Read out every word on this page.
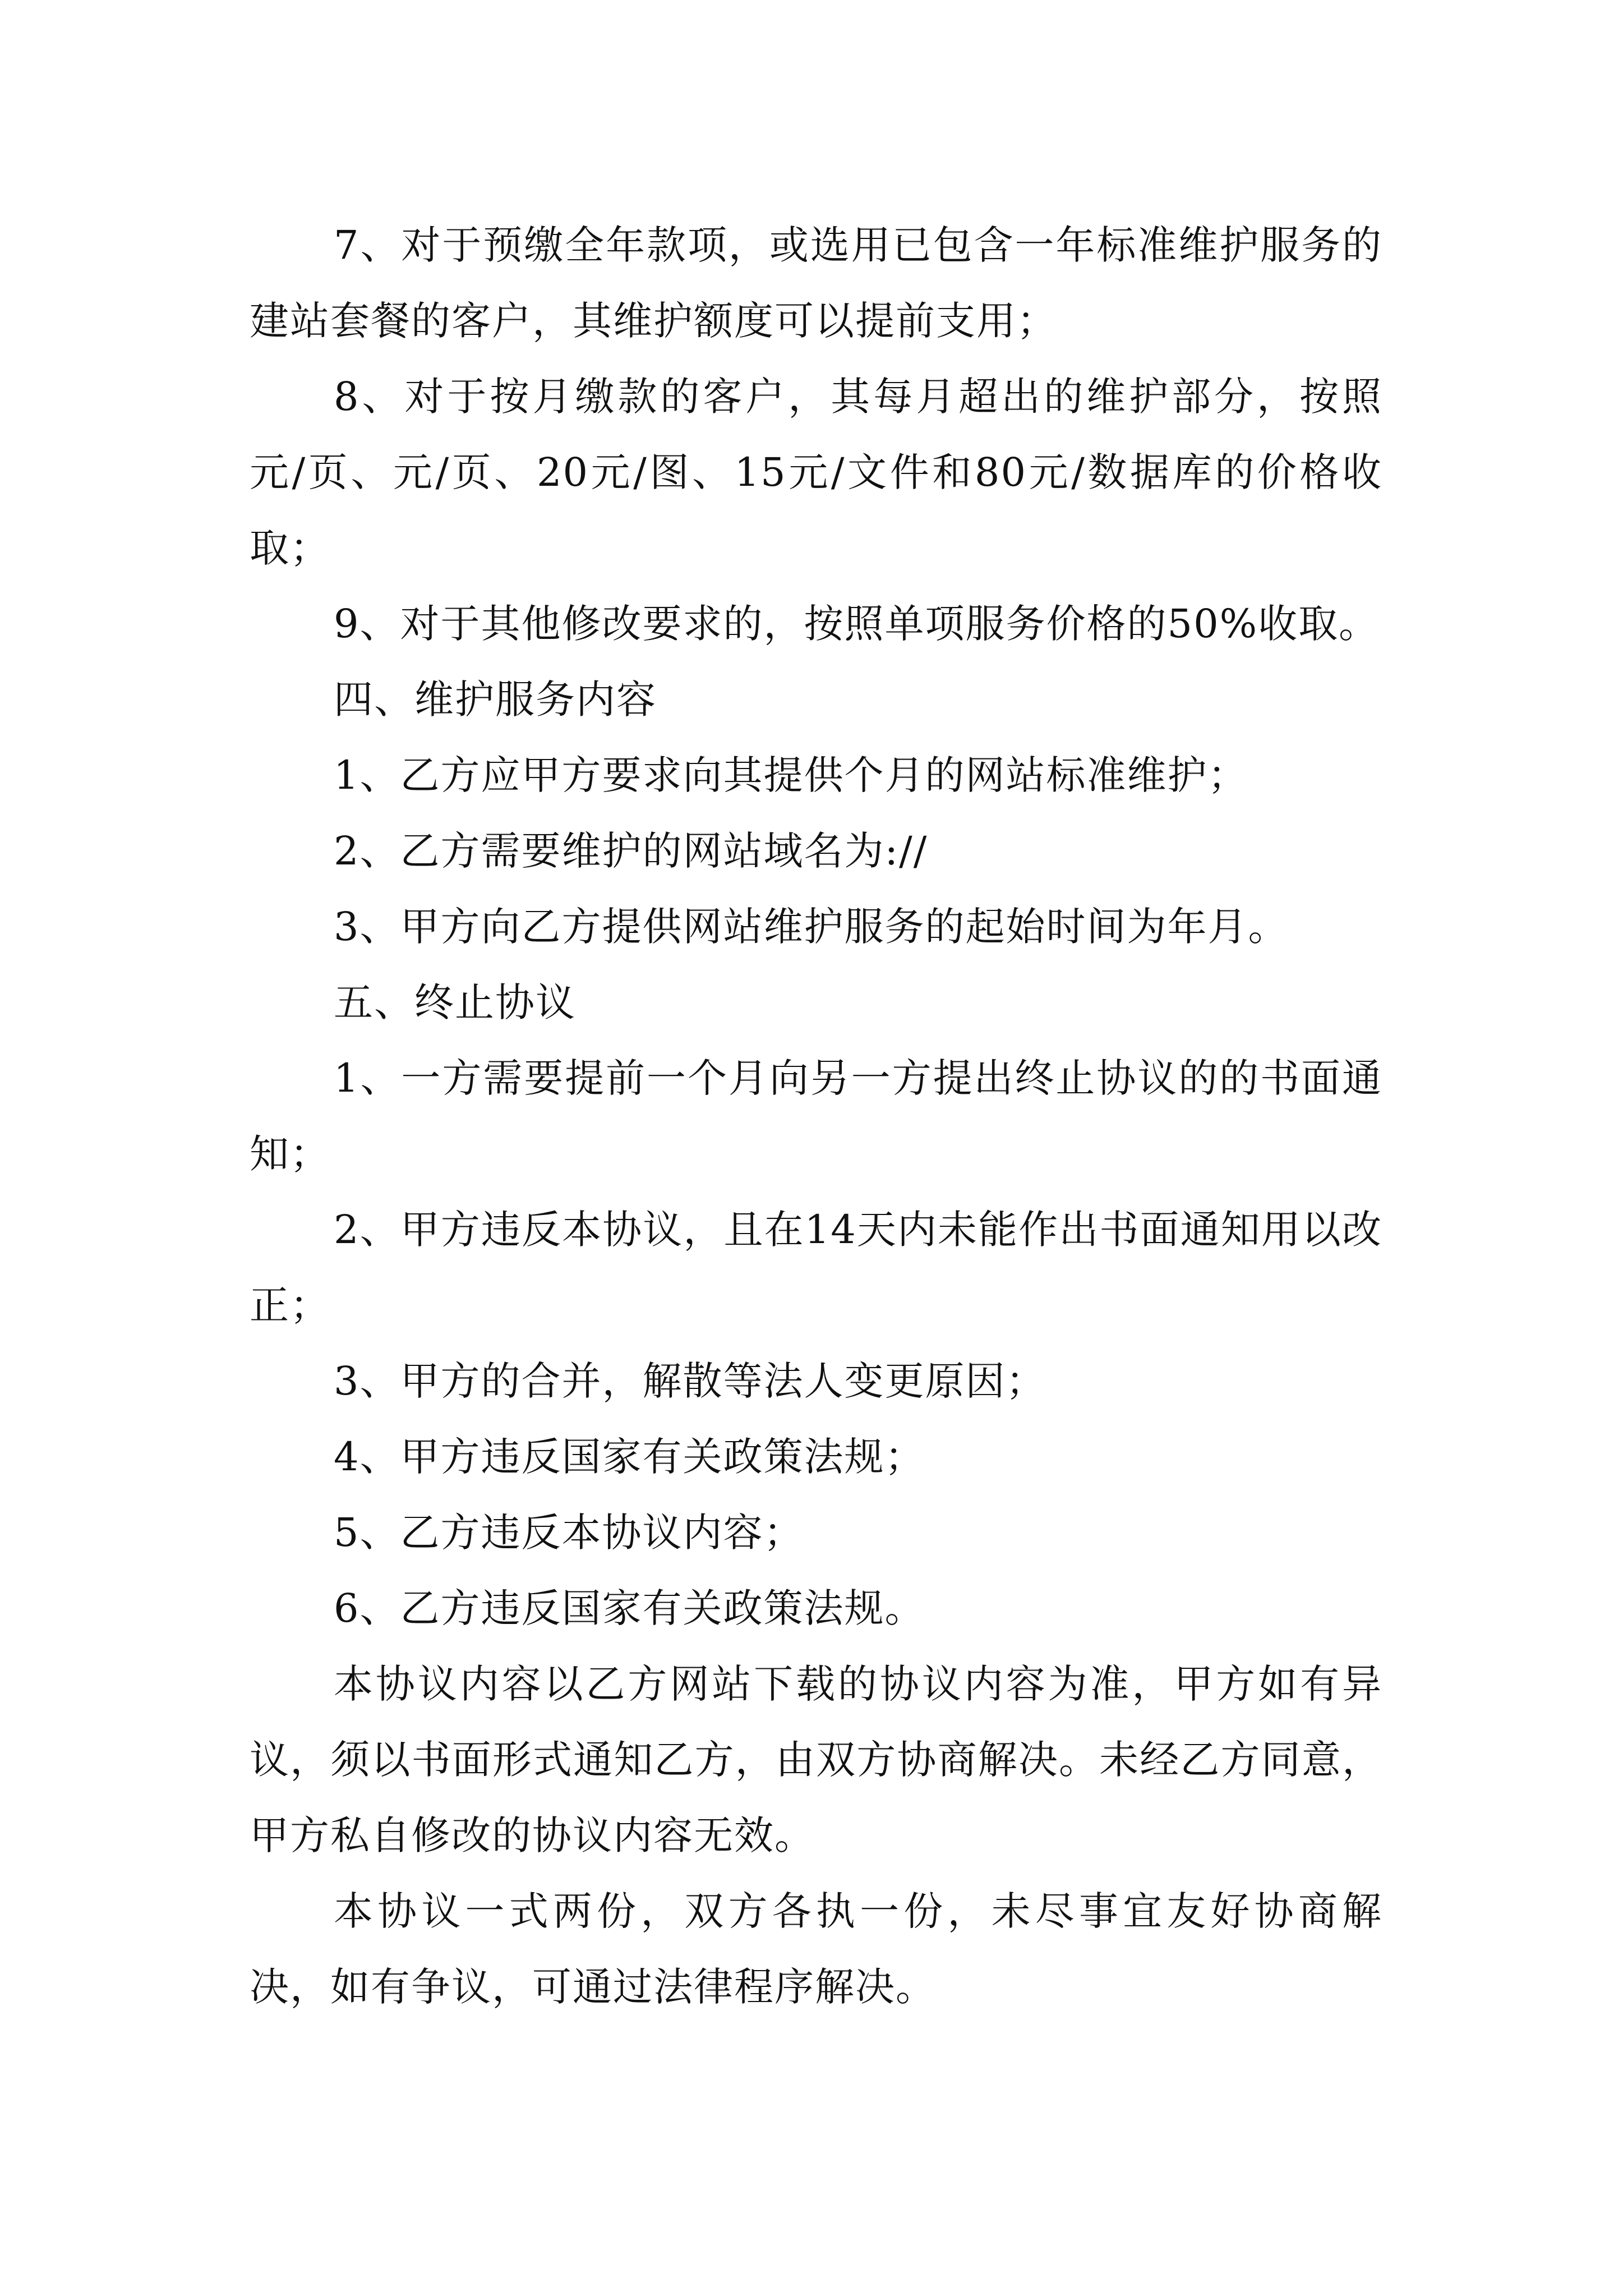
7、对于预缴全年款项，或选用已包含一年标准维护服务的建站套餐的客户，其维护额度可以提前支用；

8、对于按月缴款的客户，其每月超出的维护部分，按照元/页、元/页、20元/图、15元/文件和80元/数据库的价格收取；

9、对于其他修改要求的，按照单项服务价格的50%收取。

四、维护服务内容

1、乙方应甲方要求向其提供个月的网站标准维护；

2、乙方需要维护的网站域名为://

3、甲方向乙方提供网站维护服务的起始时间为年月。

五、终止协议

1、一方需要提前一个月向另一方提出终止协议的的书面通知；

2、甲方违反本协议，且在14天内未能作出书面通知用以改正；

3、甲方的合并，解散等法人变更原因；

4、甲方违反国家有关政策法规；

5、乙方违反本协议内容；

6、乙方违反国家有关政策法规。

本协议内容以乙方网站下载的协议内容为准，甲方如有异议，须以书面形式通知乙方，由双方协商解决。未经乙方同意，甲方私自修改的协议内容无效。

本协议一式两份，双方各执一份，未尽事宜友好协商解决，如有争议，可通过法律程序解决。
